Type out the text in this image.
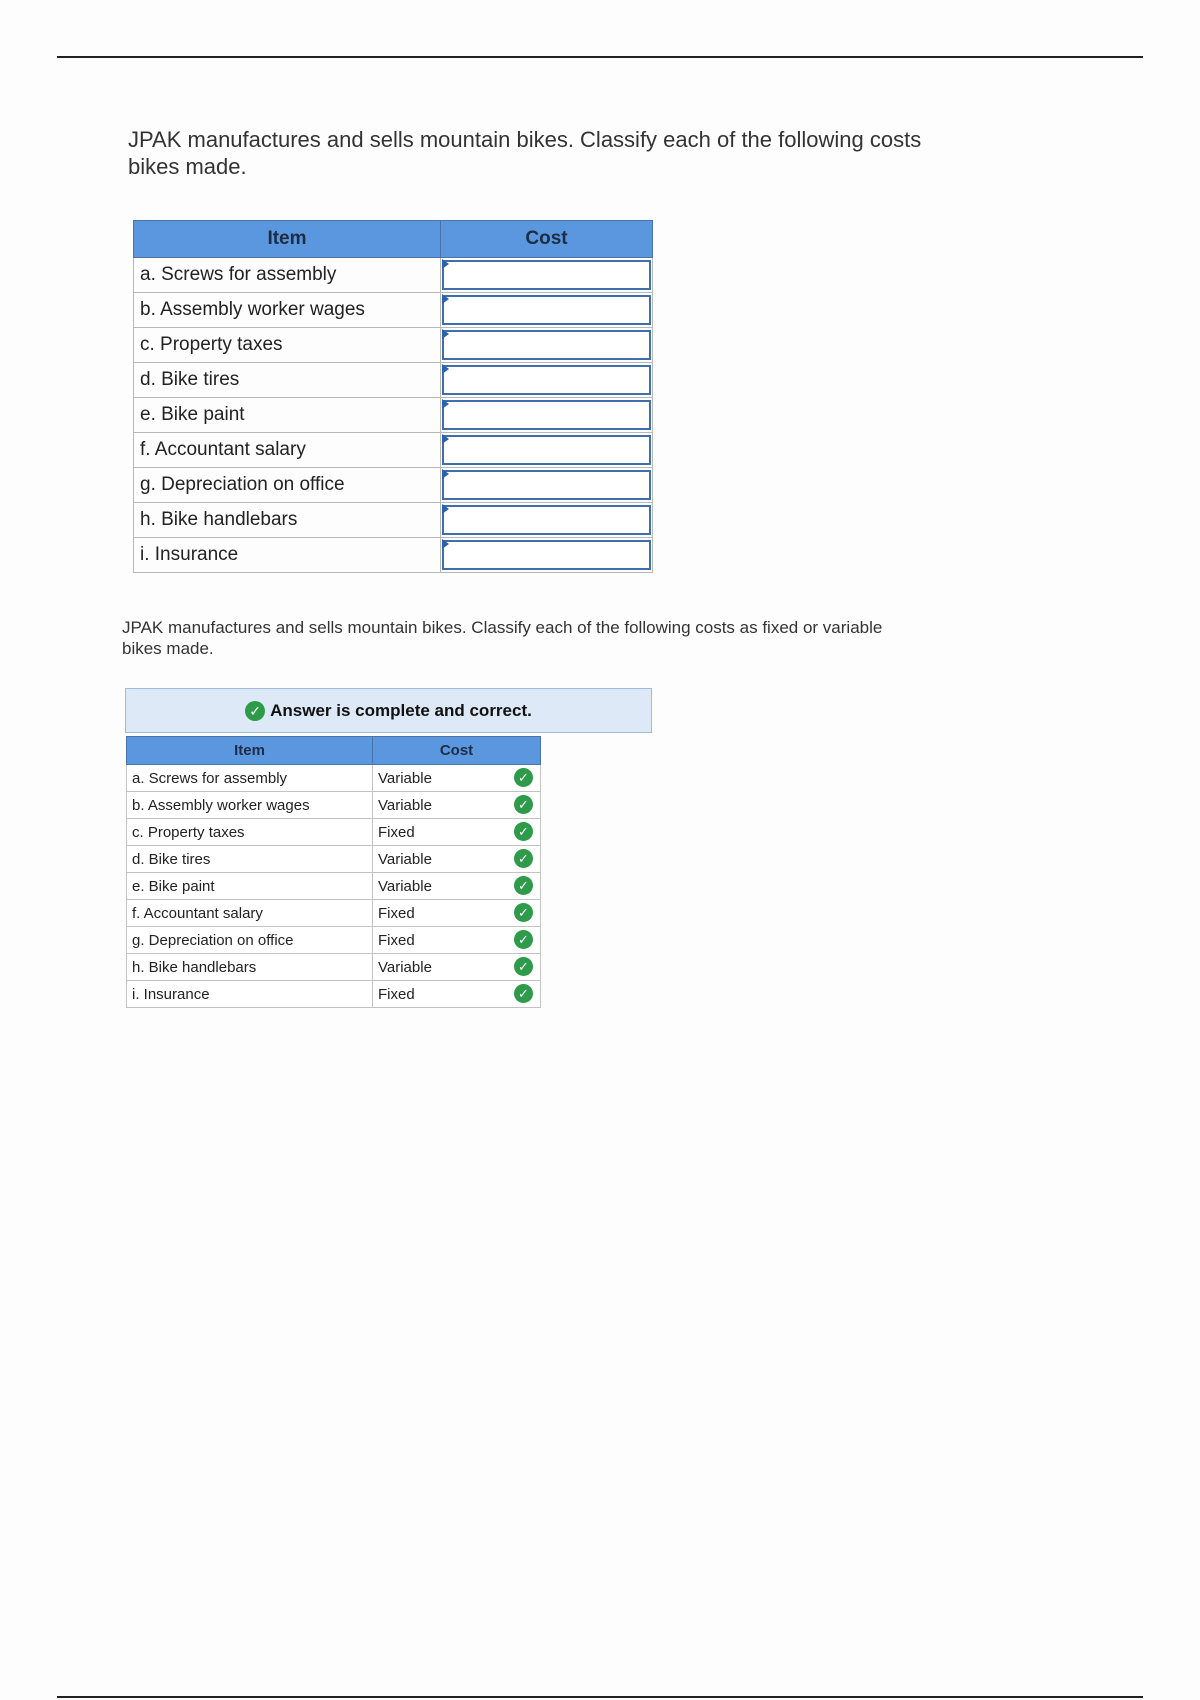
JPAK manufactures and sells mountain bikes. Classify each of the following costs
bikes made.
Item	Cost
a. Screws for assembly	

b. Assembly worker wages	

c. Property taxes	

d. Bike tires	

e. Bike paint	

f. Accountant salary	

g. Depreciation on office	

h. Bike handlebars	

i. Insurance	
JPAK manufactures and sells mountain bikes. Classify each of the following costs as fixed or variable
bikes made.
✓ Answer is complete and correct.
Item	Cost
a. Screws for assembly	Variable ✓

b. Assembly worker wages	Variable ✓

c. Property taxes	Fixed ✓

d. Bike tires	Variable ✓

e. Bike paint	Variable ✓

f. Accountant salary	Fixed ✓

g. Depreciation on office	Fixed ✓

h. Bike handlebars	Variable ✓

i. Insurance	Fixed ✓
